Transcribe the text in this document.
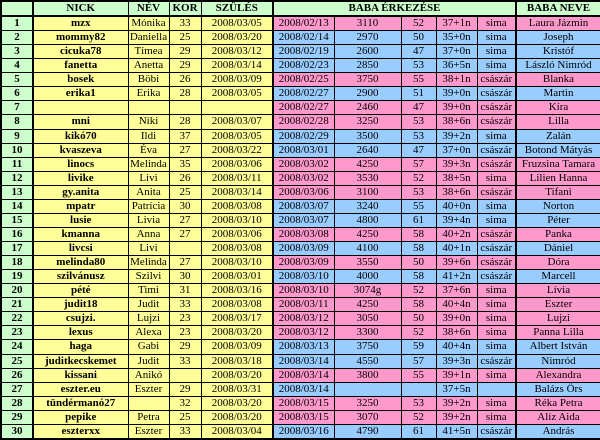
	NICK	NÉV	KOR	SZÜLÉS	BABA ÉRKEZÉSE					BABA NEVE
1	mzx	Mónika	33	2008/03/05	2008/02/13	3110	52	37+1n	sima	Laura Jázmin
2	mommy82	Daniella	25	2008/03/20	2008/02/14	2970	50	35+0n	sima	Joseph
3	cicuka78	Tímea	29	2008/03/12	2008/02/19	2600	47	37+0n	sima	Kristóf
4	fanetta	Anetta	29	2008/03/14	2008/02/23	2850	53	36+5n	sima	László Nimród
5	bosek	Böbi	26	2008/03/09	2008/02/25	3750	55	38+1n	császár	Blanka
6	erika1	Erika	28	2008/03/05	2008/02/27	2900	51	39+0n	császár	Martin
7					2008/02/27	2460	47	39+0n	császár	Kíra
8	mni	Niki	28	2008/03/07	2008/02/28	3250	53	38+6n	császár	Lilla
9	kikó70	Ildi	37	2008/03/05	2008/02/29	3500	53	39+2n	sima	Zalán
10	kvaszeva	Éva	27	2008/03/22	2008/03/01	2640	47	37+0n	császár	Botond Mátyás
11	linocs	Melinda	35	2008/03/06	2008/03/02	4250	57	39+3n	császár	Fruzsina Tamara
12	livike	Livi	26	2008/03/11	2008/03/02	3530	52	38+5n	sima	Lilien Hanna
13	gy.anita	Anita	25	2008/03/14	2008/03/06	3100	53	38+6n	császár	Tifani
14	mpatr	Patrícia	30	2008/03/08	2008/03/07	3240	55	40+0n	sima	Norton
15	lusie	Livia	27	2008/03/10	2008/03/07	4800	61	39+4n	sima	Péter
16	kmanna	Anna	27	2008/03/06	2008/03/08	4250	58	40+2n	császár	Panka
17	livcsi	Livi		2008/03/08	2008/03/09	4100	58	40+1n	császár	Dániel
18	melinda80	Melinda	27	2008/03/10	2008/03/09	3550	50	39+6n	császár	Dóra
19	szilvánusz	Szilvi	30	2008/03/01	2008/03/10	4000	58	41+2n	császár	Marcell
20	pété	Timi	31	2008/03/16	2008/03/10	3074g	52	37+6n	sima	Lívia
21	judit18	Judit	33	2008/03/08	2008/03/11	4250	58	40+4n	sima	Eszter
22	csujzi.	Lujzi	23	2008/03/17	2008/03/12	3050	50	39+0n	sima	Lujzi
23	lexus	Alexa	23	2008/03/20	2008/03/12	3300	52	38+6n	sima	Panna Lilla
24	haga	Gabi	29	2008/03/09	2008/03/13	3750	59	40+4n	sima	Albert István
25	juditkecskemet	Judit	33	2008/03/18	2008/03/14	4550	57	39+3n	császár	Nimród
26	kissani	Anikó		2008/03/20	2008/03/14	3800	55	39+1n	sima	Alexandra
27	eszter.eu	Eszter	29	2008/03/31	2008/03/14			37+5n		Balázs Örs
28	tündérmanó27		32	2008/03/20	2008/03/15	3250	53	39+2n	sima	Réka Petra
29	pepike	Petra	25	2008/03/20	2008/03/15	3070	52	39+2n	sima	Alíz Aida
30	eszterxx	Eszter	33	2008/03/04	2008/03/16	4790	61	41+5n	császár	András
